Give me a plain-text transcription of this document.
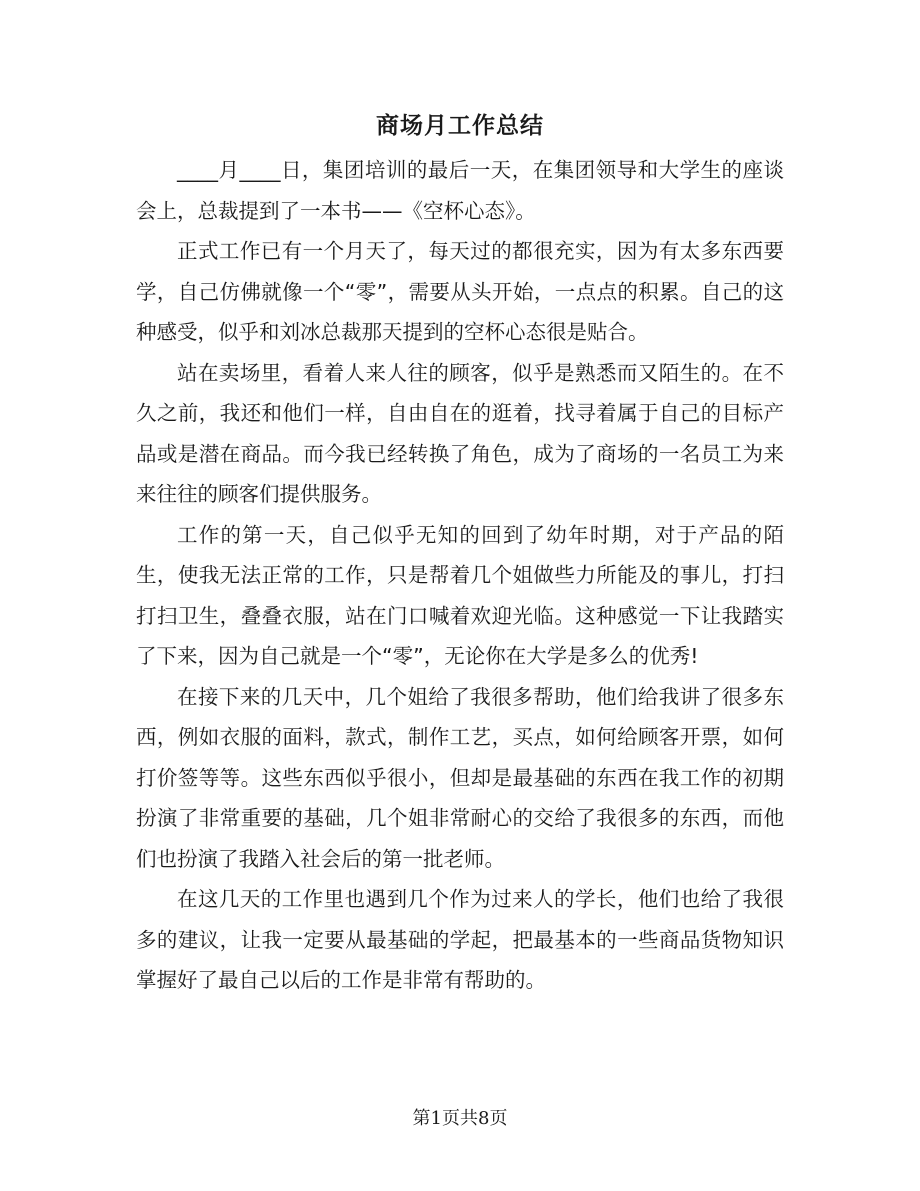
商场月工作总结

____月____日，集团培训的最后一天，在集团领导和大学生的座谈会上，总裁提到了一本书——《空杯心态》。

正式工作已有一个月天了，每天过的都很充实，因为有太多东西要学，自己仿佛就像一个“零”，需要从头开始，一点点的积累。自己的这种感受，似乎和刘冰总裁那天提到的空杯心态很是贴合。

站在卖场里，看着人来人往的顾客，似乎是熟悉而又陌生的。在不久之前，我还和他们一样，自由自在的逛着，找寻着属于自己的目标产品或是潜在商品。而今我已经转换了角色，成为了商场的一名员工为来来往往的顾客们提供服务。

工作的第一天，自己似乎无知的回到了幼年时期，对于产品的陌生，使我无法正常的工作，只是帮着几个姐做些力所能及的事儿，打扫打扫卫生，叠叠衣服，站在门口喊着欢迎光临。这种感觉一下让我踏实了下来，因为自己就是一个“零”，无论你在大学是多么的优秀!

在接下来的几天中，几个姐给了我很多帮助，他们给我讲了很多东西，例如衣服的面料，款式，制作工艺，买点，如何给顾客开票，如何打价签等等。这些东西似乎很小，但却是最基础的东西在我工作的初期扮演了非常重要的基础，几个姐非常耐心的交给了我很多的东西，而他们也扮演了我踏入社会后的第一批老师。

在这几天的工作里也遇到几个作为过来人的学长，他们也给了我很多的建议，让我一定要从最基础的学起，把最基本的一些商品货物知识掌握好了最自己以后的工作是非常有帮助的。

第1页共8页
